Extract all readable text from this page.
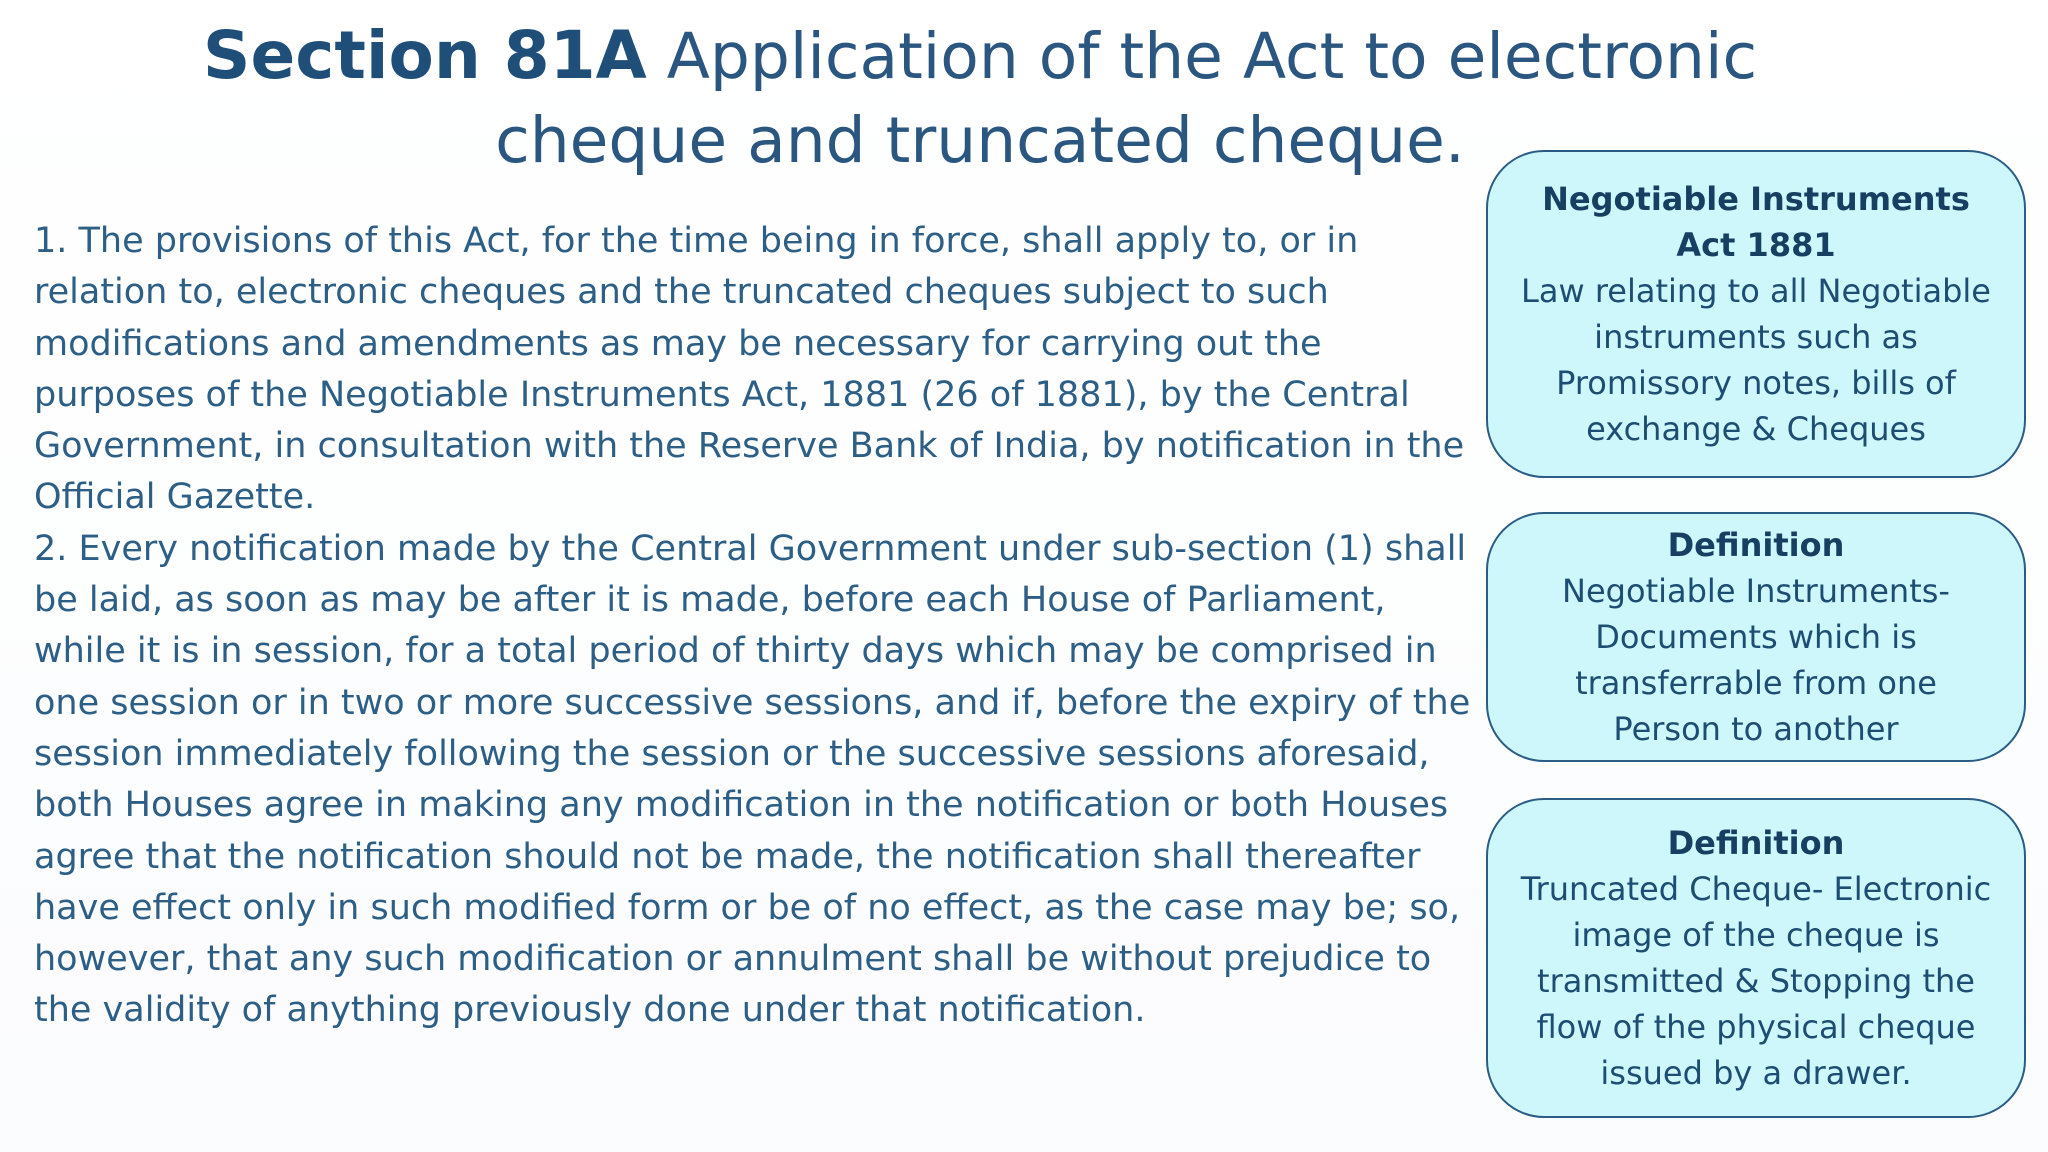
Section 81A Application of the Act to electronic cheque and truncated cheque.

1. The provisions of this Act, for the time being in force, shall apply to, or in relation to, electronic cheques and the truncated cheques subject to such modifications and amendments as may be necessary for carrying out the purposes of the Negotiable Instruments Act, 1881 (26 of 1881), by the Central Government, in consultation with the Reserve Bank of India, by notification in the Official Gazette.

2. Every notification made by the Central Government under sub-section (1) shall be laid, as soon as may be after it is made, before each House of Parliament, while it is in session, for a total period of thirty days which may be comprised in one session or in two or more successive sessions, and if, before the expiry of the session immediately following the session or the successive sessions aforesaid, both Houses agree in making any modification in the notification or both Houses agree that the notification should not be made, the notification shall thereafter have effect only in such modified form or be of no effect, as the case may be; so, however, that any such modification or annulment shall be without prejudice to the validity of anything previously done under that notification.

Negotiable Instruments Act 1881
Law relating to all Negotiable instruments such as Promissory notes, bills of exchange & Cheques
Definition
Negotiable Instruments- Documents which is transferrable from one Person to another
Definition
Truncated Cheque- Electronic image of the cheque is transmitted & Stopping the flow of the physical cheque issued by a drawer.
